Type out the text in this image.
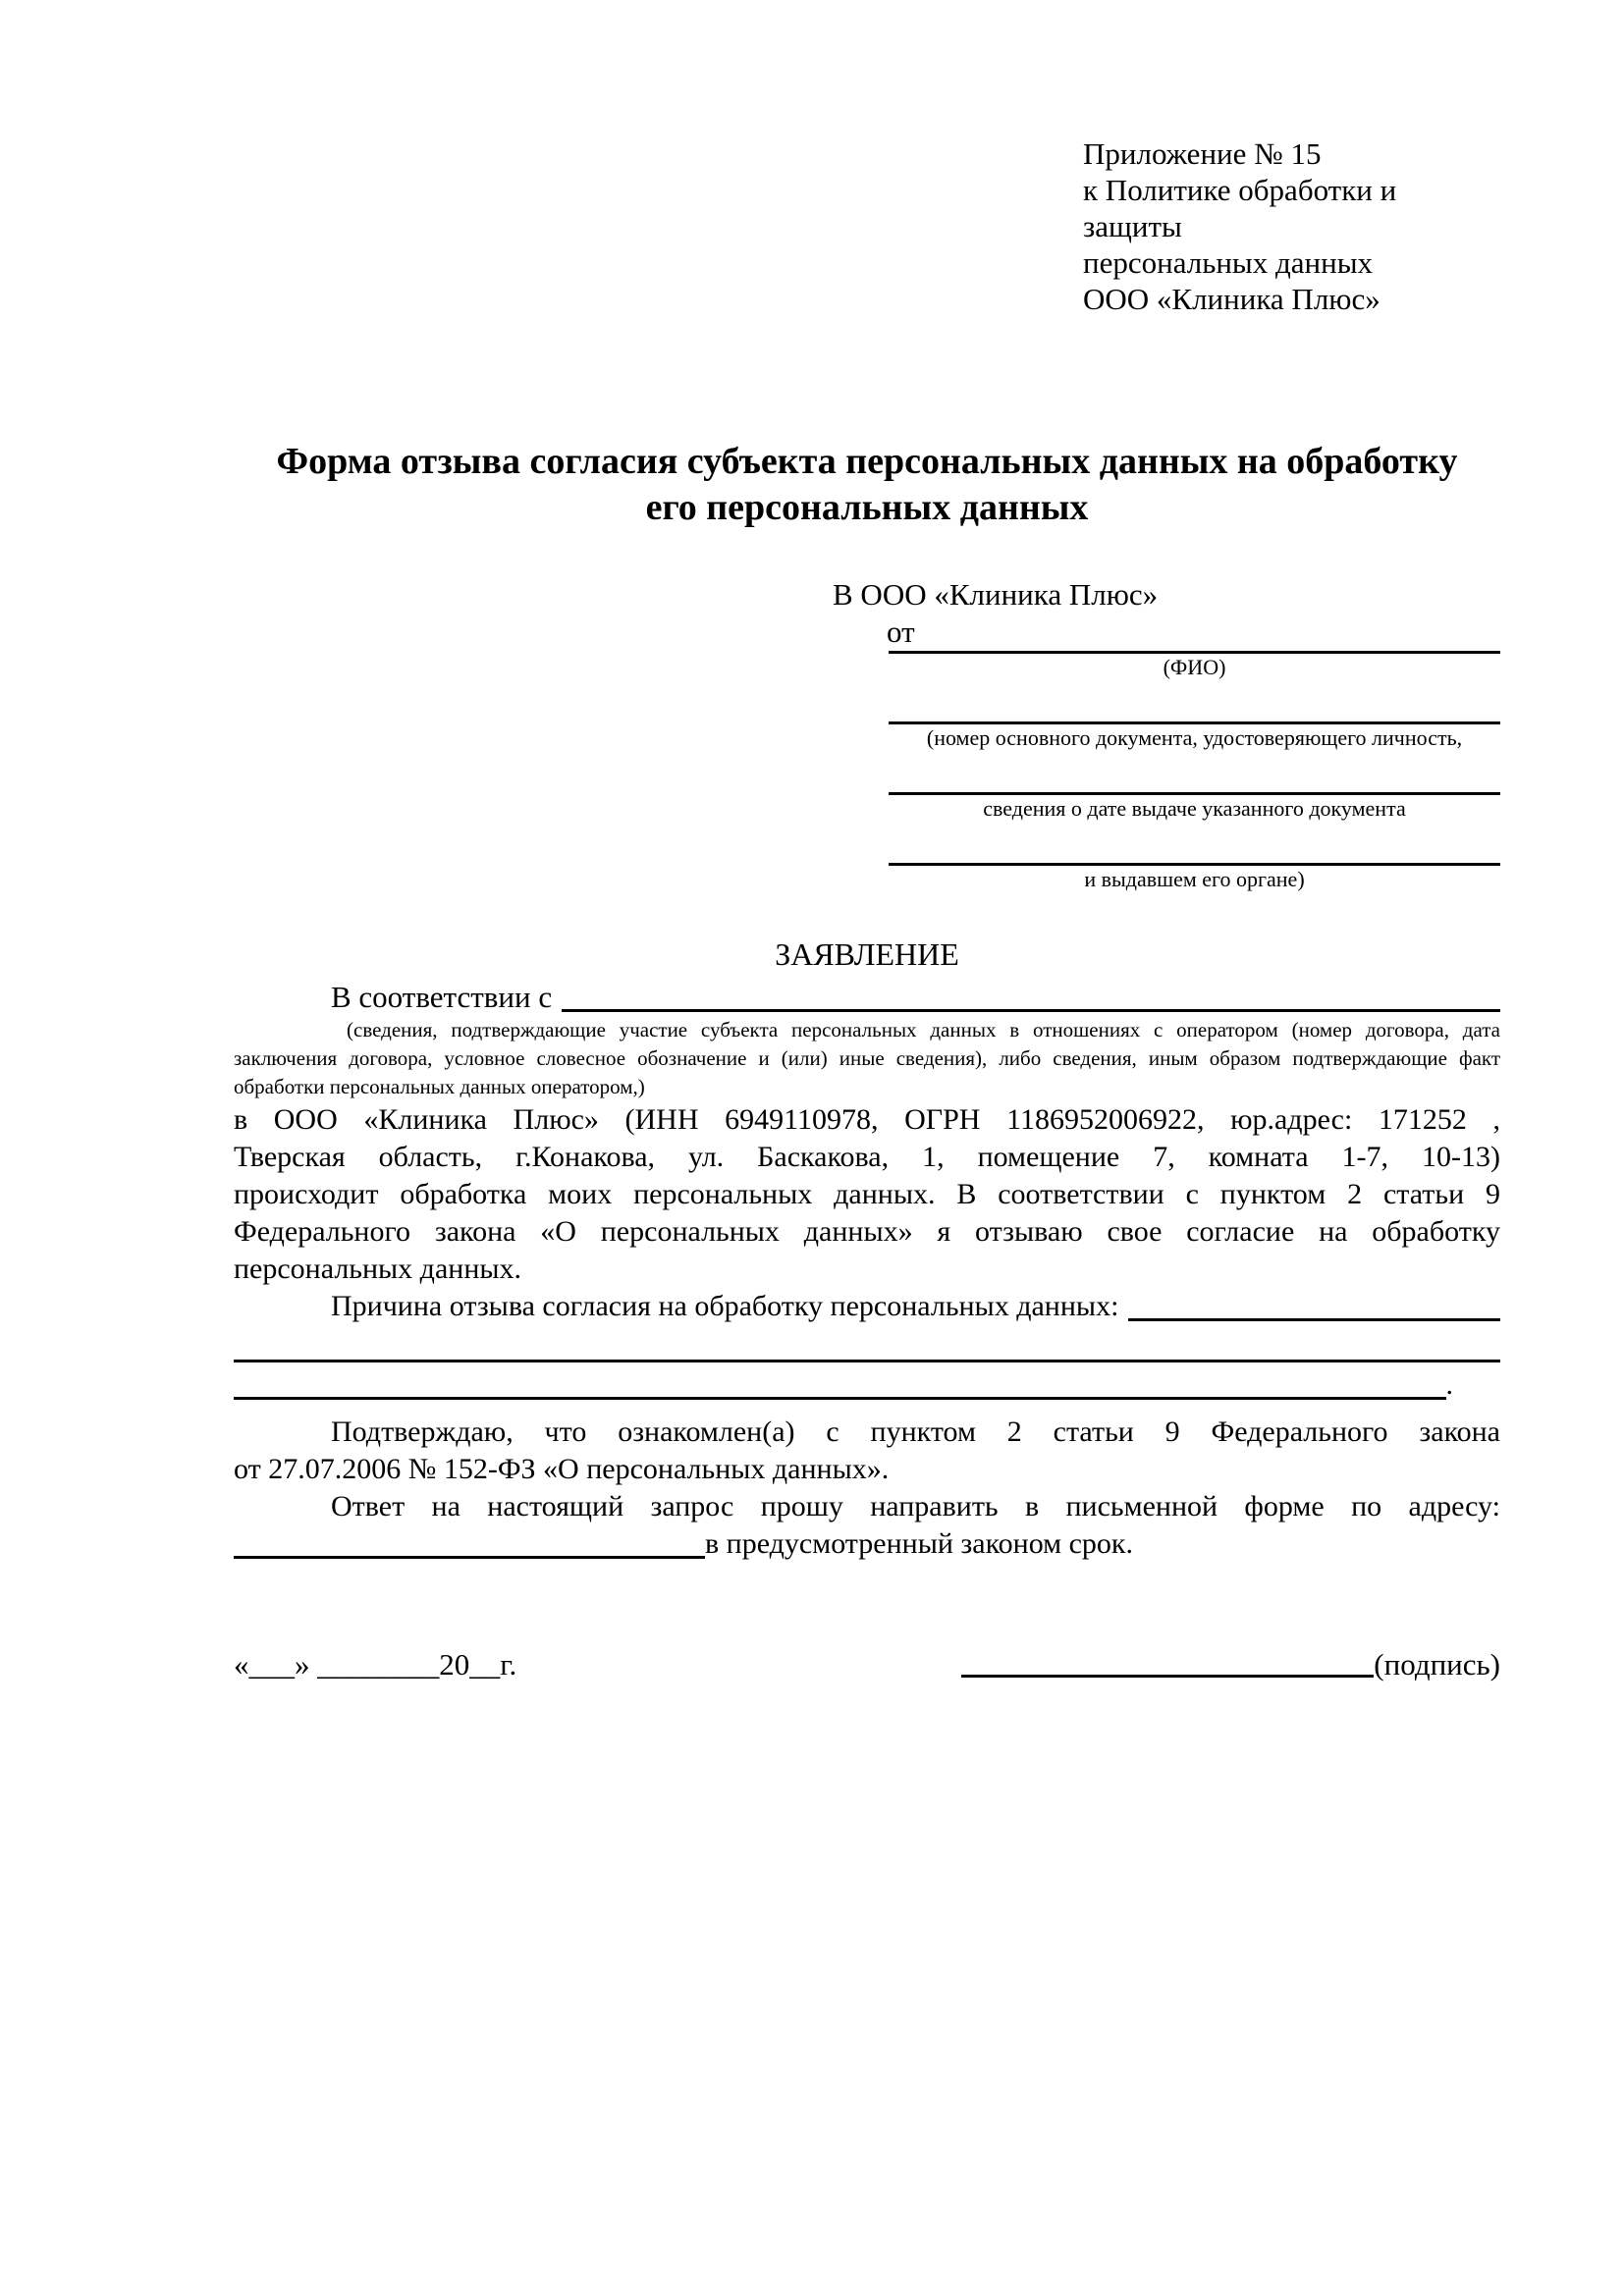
Приложение № 15
к Политике обработки и защиты
персональных данных
ООО «Клиника Плюс»
Форма отзыва согласия субъекта персональных данных на обработку
его персональных данных
В ООО «Клиника Плюс»
от
(ФИО)
(номер основного документа, удостоверяющего личность,
сведения о дате выдаче указанного документа
и выдавшем его органе)
ЗАЯВЛЕНИЕ
В соответствии с
(сведения, подтверждающие участие субъекта персональных данных в отношениях с оператором (номер договора, дата
заключения договора, условное словесное обозначение и (или) иные сведения), либо сведения, иным образом подтверждающие факт
обработки персональных данных оператором,)
в ООО «Клиника Плюс» (ИНН 6949110978, ОГРН 1186952006922, юр.адрес: 171252 ,
Тверская область, г.Конакова, ул. Баскакова, 1, помещение 7, комната 1-7, 10-13)
происходит обработка моих персональных данных. В соответствии с пунктом 2 статьи 9
Федерального закона «О персональных данных» я отзываю свое согласие на обработку
персональных данных.
Причина отзыва согласия на обработку персональных данных:
.
Подтверждаю, что ознакомлен(а) с пунктом 2 статьи 9 Федерального закона
от 27.07.2006 № 152-ФЗ «О персональных данных».
Ответ на настоящий запрос прошу направить в письменной форме по адресу:
в предусмотренный законом срок.
«___» ________20__г.	(подпись)
